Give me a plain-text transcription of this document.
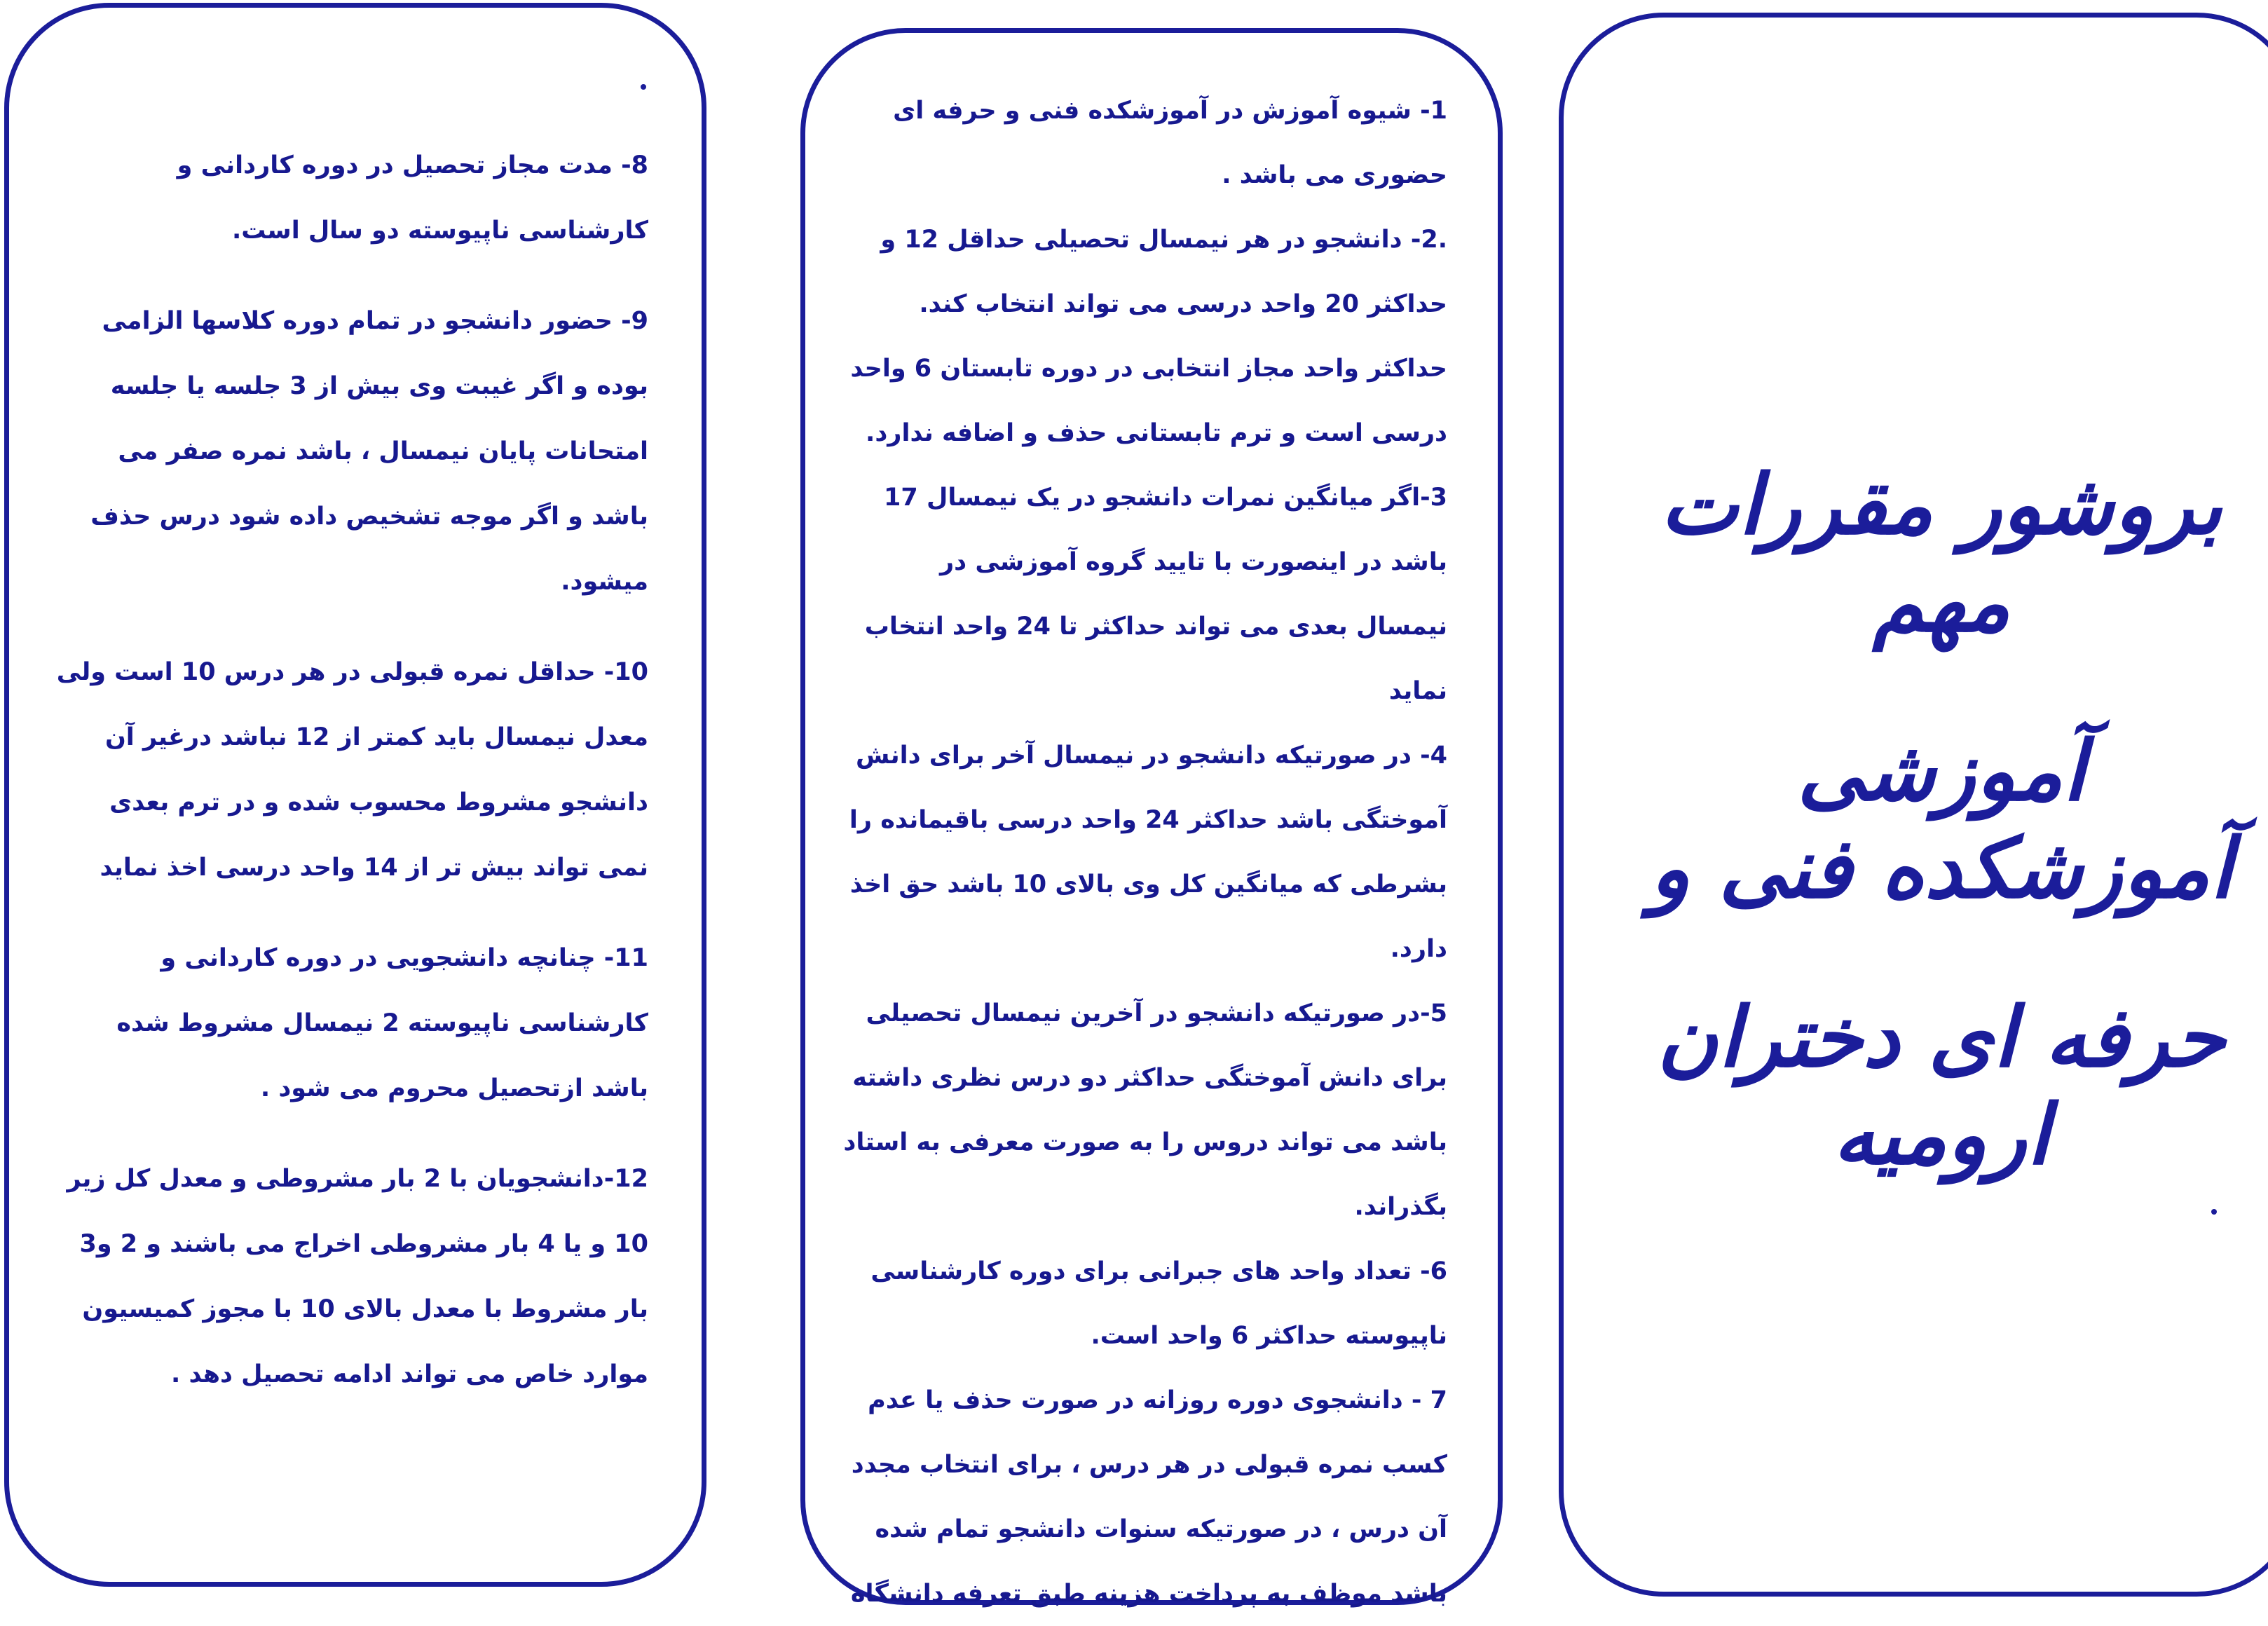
بروشور مقررات مهم
آموزشی آموزشکده فنی و
حرفه ای دختران ارومیه

1- شیوه آموزش در آموزشکده فنی و حرفه ای حضوری می باشد .

.2- دانشجو در هر نیمسال تحصیلی حداقل 12 و حداکثر 20 واحد درسی می تواند انتخاب کند. حداکثر واحد مجاز انتخابی در دوره تابستان 6 واحد درسی است و ترم تابستانی حذف و اضافه ندارد.

3-اگر میانگین نمرات دانشجو در یک نیمسال 17 باشد در اینصورت با تایید گروه آموزشی در نیمسال بعدی می تواند حداکثر تا 24 واحد انتخاب نماید

4- در صورتیکه دانشجو در نیمسال آخر برای دانش آموختگی باشد حداکثر 24 واحد درسی باقیمانده را بشرطی که میانگین کل وی بالای 10 باشد حق اخذ دارد.

5-در صورتیکه دانشجو در آخرین نیمسال تحصیلی برای دانش آموختگی حداکثر دو درس نظری داشته باشد می تواند دروس را به صورت معرفی به استاد بگذراند.

6- تعداد واحد های جبرانی برای دوره کارشناسی ناپیوسته حداکثر 6 واحد است.

7 - دانشجوی دوره روزانه در صورت حذف یا عدم کسب نمره قبولی در هر درس ، برای انتخاب مجدد آن درس ، در صورتیکه سنوات دانشجو تمام شده باشد موظف به پرداخت هزینه طبق تعرفه دانشگاه

8- مدت مجاز تحصیل در دوره کاردانی و کارشناسی ناپیوسته دو سال است.

9- حضور دانشجو در تمام دوره کلاسها الزامی بوده و اگر غیبت وی بیش از 3 جلسه یا جلسه امتحانات پایان نیمسال ، باشد نمره صفر می باشد و اگر موجه تشخیص داده شود درس حذف میشود.

10- حداقل نمره قبولی در هر درس 10 است ولی معدل نیمسال باید کمتر از 12 نباشد درغیر آن دانشجو مشروط محسوب شده و در ترم بعدی نمی تواند بیش تر از 14 واحد درسی اخذ نماید

11- چنانچه دانشجویی در دوره کاردانی و کارشناسی ناپیوسته 2 نیمسال مشروط شده باشد ازتحصیل محروم می شود .

12-دانشجویان با 2 بار مشروطی و معدل کل زیر 10 و یا 4 بار مشروطی اخراج می باشند و 2 و3 بار مشروط با معدل بالای 10 با مجوز کمیسیون موارد خاص می تواند ادامه تحصیل دهد .
